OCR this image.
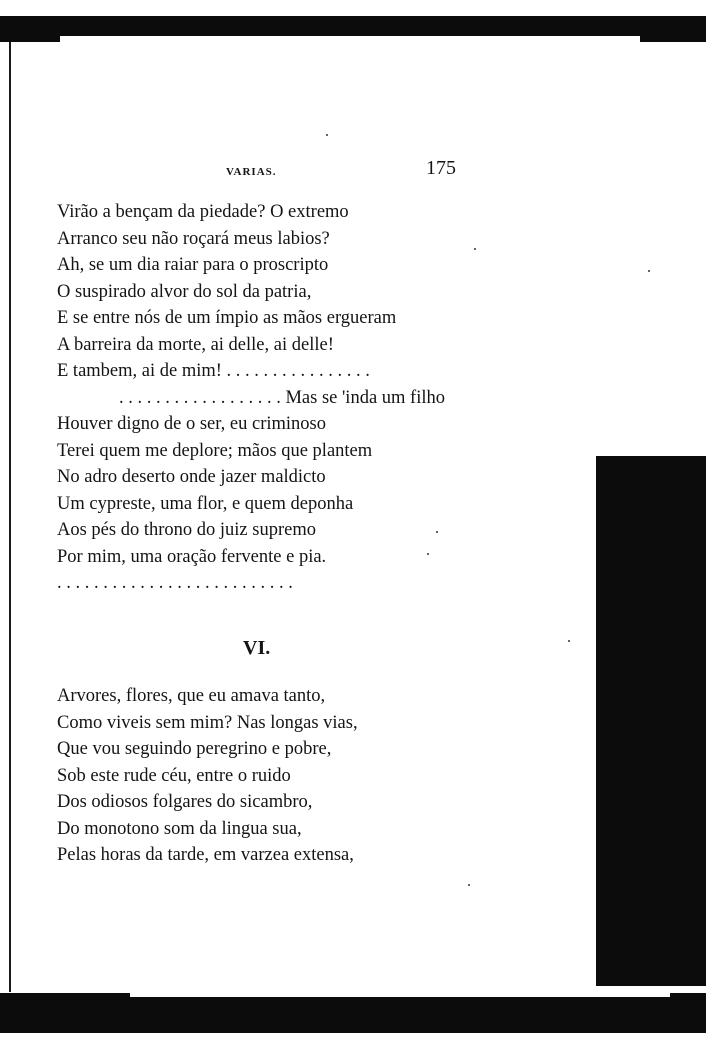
VARIAS.	175
Virão a bençam da piedade? O extremo
Arranco seu não roçará meus labios?
Ah, se um dia raiar para o proscripto
O suspirado alvor do sol da patria,
E se entre nós de um ímpio as mãos ergueram
A barreira da morte, ai delle, ai delle!
E tambem, ai de mim! . . . . . . . . . . . . . . . .
. . . . . . . . . . . . . . . . . . Mas se 'inda um filho
Houver digno de o ser, eu criminoso
Terei quem me deplore; mãos que plantem
No adro deserto onde jazer maldicto
Um cypreste, uma flor, e quem deponha
Aos pés do throno do juiz supremo
Por mim, uma oração fervente e pia.
. . . . . . . . . . . . . . . . . . . . . . . . . .
VI.
Arvores, flores, que eu amava tanto,
Como viveis sem mim? Nas longas vias,
Que vou seguindo peregrino e pobre,
Sob este rude céu, entre o ruido
Dos odiosos folgares do sicambro,
Do monotono som da lingua sua,
Pelas horas da tarde, em varzea extensa,
